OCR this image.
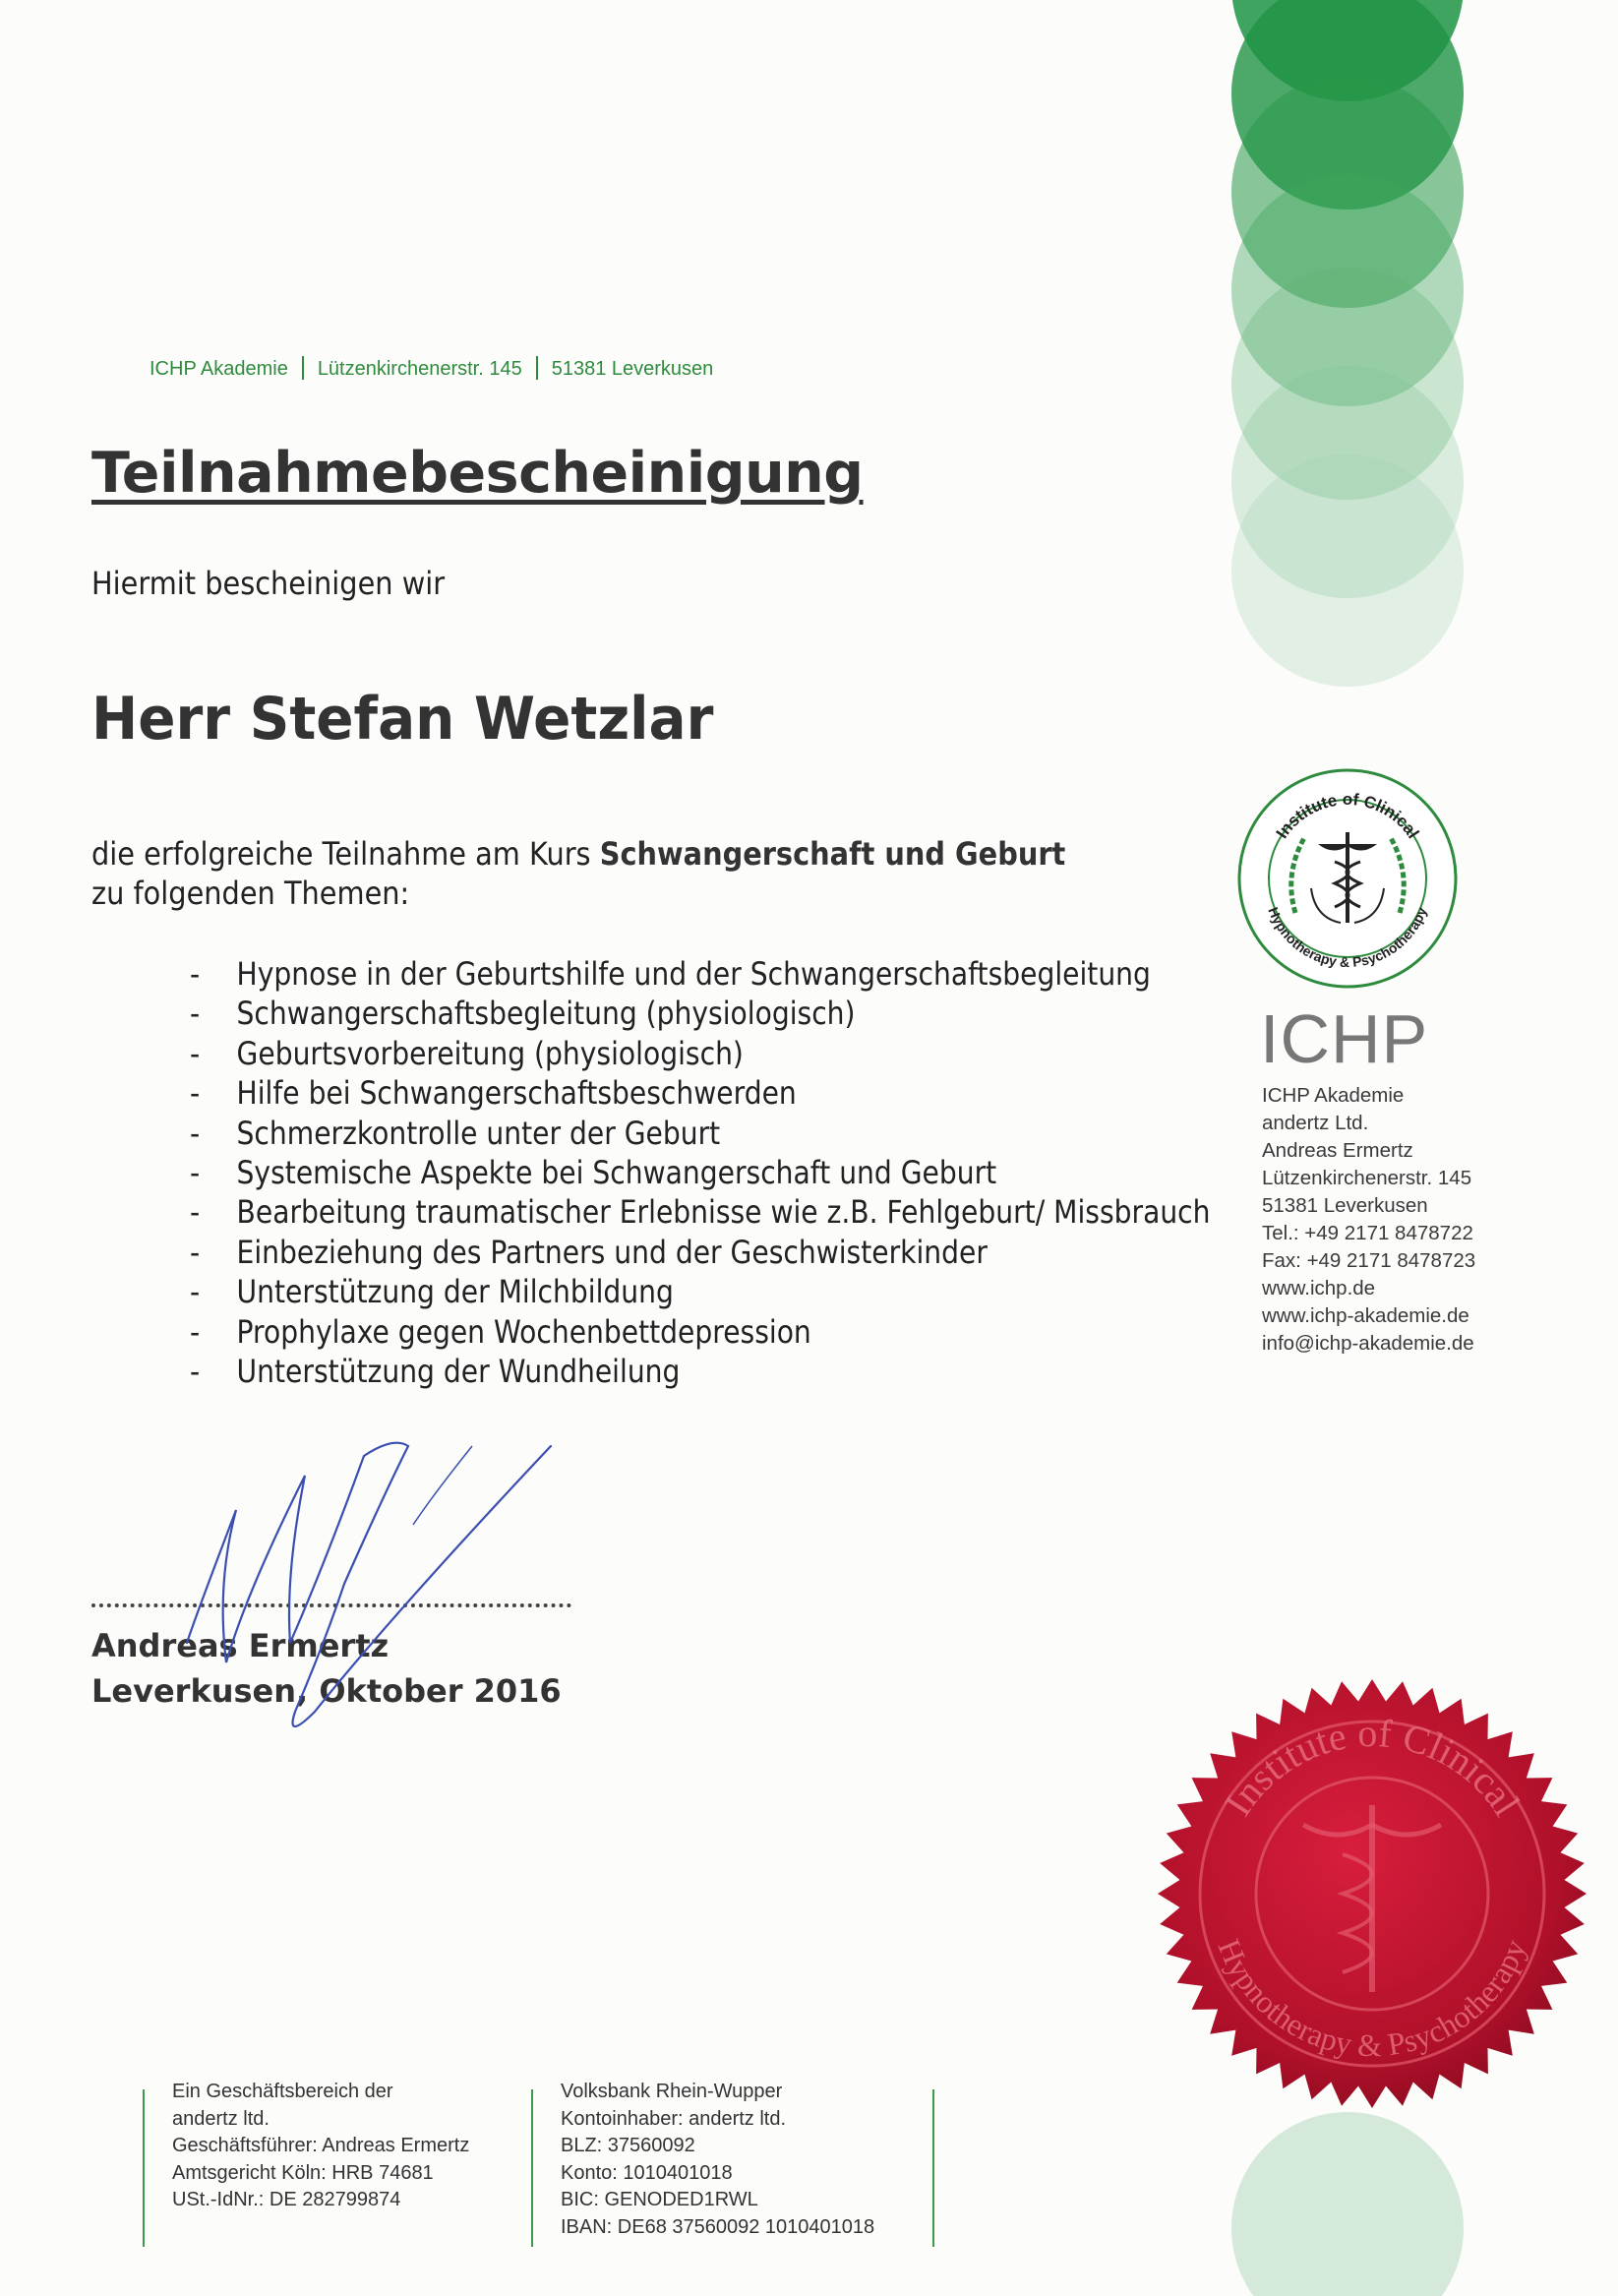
ICHP Akademie Lützenkirchenerstr. 145 51381 Leverkusen
Teilnahmebescheinigung
Hiermit bescheinigen wir
Herr Stefan Wetzlar
die erfolgreiche Teilnahme am Kurs Schwangerschaft und Geburt
zu folgenden Themen:
- Hypnose in der Geburtshilfe und der Schwangerschaftsbegleitung
- Schwangerschaftsbegleitung (physiologisch)
- Geburtsvorbereitung (physiologisch)
- Hilfe bei Schwangerschaftsbeschwerden
- Schmerzkontrolle unter der Geburt
- Systemische Aspekte bei Schwangerschaft und Geburt
- Bearbeitung traumatischer Erlebnisse wie z.B. Fehlgeburt/ Missbrauch
- Einbeziehung des Partners und der Geschwisterkinder
- Unterstützung der Milchbildung
- Prophylaxe gegen Wochenbettdepression
- Unterstützung der Wundheilung
Institute of Clinical
Hypnotherapy & Psychotherapy
ICHP
ICHP Akademie
andertz Ltd.
Andreas Ermertz
Lützenkirchenerstr. 145
51381 Leverkusen
Tel.: +49 2171 8478722
Fax: +49 2171 8478723
www.ichp.de
www.ichp-akademie.de
info@ichp-akademie.de
Andreas Ermertz
Leverkusen, Oktober 2016
Institute of Clinical
Hypnotherapy & Psychotherapy
Ein Geschäftsbereich der
andertz ltd.
Geschäftsführer: Andreas Ermertz
Amtsgericht Köln: HRB 74681
USt.-IdNr.: DE 282799874
Volksbank Rhein-Wupper
Kontoinhaber: andertz ltd.
BLZ: 37560092
Konto: 1010401018
BIC: GENODED1RWL
IBAN: DE68 37560092 1010401018
